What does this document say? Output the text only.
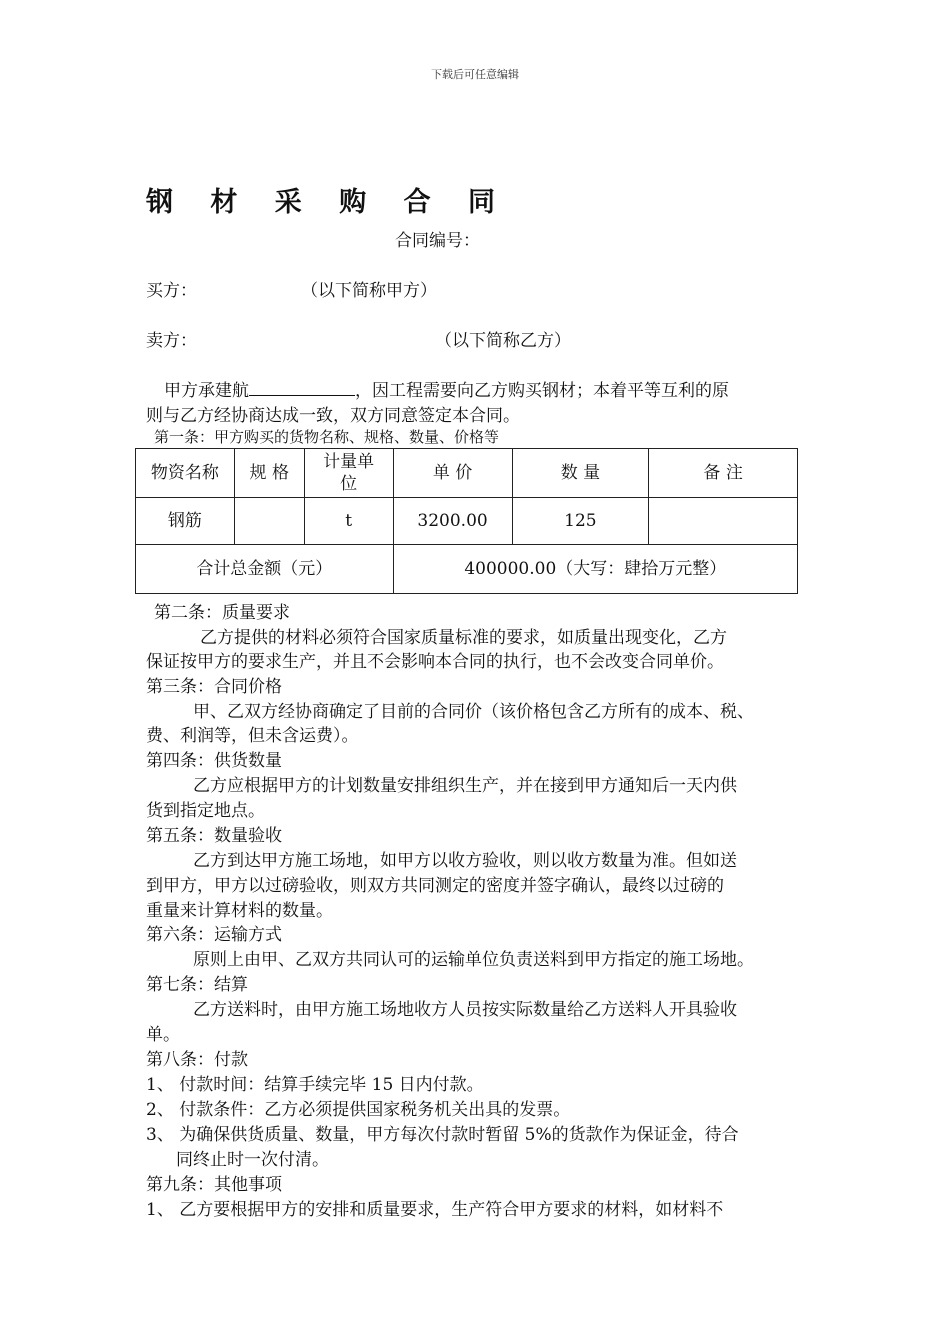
下载后可任意编辑
钢 材 采 购 合 同
合同编号：
买方：	（以下简称甲方）
卖方：	（以下简称乙方）
甲方承建航	，因工程需要向乙方购买钢材；本着平等互利的原
则与乙方经协商达成一致，双方同意签定本合同。
第一条：甲方购买的货物名称、规格、数量、价格等
物资名称	规 格	计量单位	单 价	数 量	备 注
钢筋		t	3200.00	125	
合计总金额（元）			400000.00（大写：肆拾万元整）		
第二条：质量要求
乙方提供的材料必须符合国家质量标准的要求，如质量出现变化，乙方
保证按甲方的要求生产，并且不会影响本合同的执行，也不会改变合同单价。
第三条：合同价格
甲、乙双方经协商确定了目前的合同价（该价格包含乙方所有的成本、税、
费、利润等，但未含运费）。
第四条：供货数量
乙方应根据甲方的计划数量安排组织生产，并在接到甲方通知后一天内供
货到指定地点。
第五条：数量验收
乙方到达甲方施工场地，如甲方以收方验收，则以收方数量为准。但如送
到甲方，甲方以过磅验收，则双方共同测定的密度并签字确认，最终以过磅的
重量来计算材料的数量。
第六条：运输方式
原则上由甲、乙双方共同认可的运输单位负责送料到甲方指定的施工场地。
第七条：结算
乙方送料时，由甲方施工场地收方人员按实际数量给乙方送料人开具验收
单。
第八条：付款
1、 付款时间：结算手续完毕 15 日内付款。
2、 付款条件：乙方必须提供国家税务机关出具的发票。
3、 为确保供货质量、数量，甲方每次付款时暂留 5%的货款作为保证金，待合
同终止时一次付清。
第九条：其他事项
1、 乙方要根据甲方的安排和质量要求，生产符合甲方要求的材料，如材料不
